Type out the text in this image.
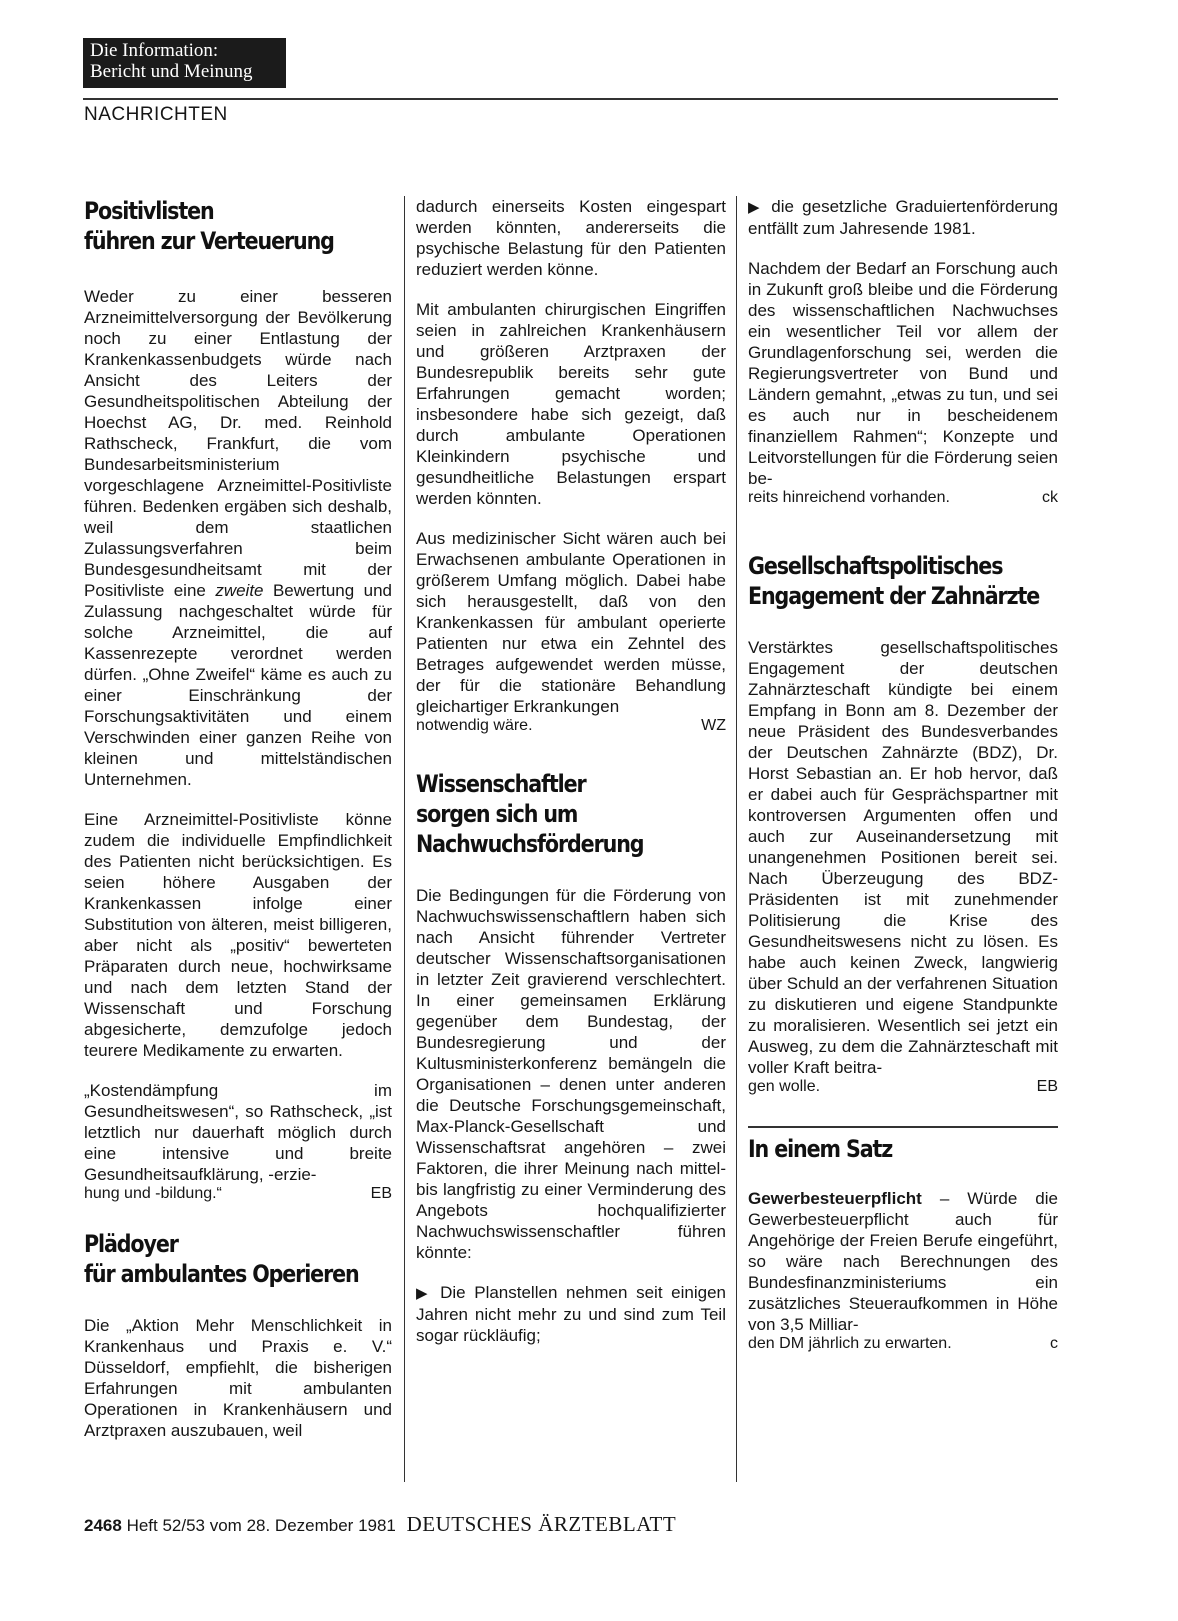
Die Information:
Bericht und Meinung
NACHRICHTEN
Positivlisten
führen zur Verteuerung

Weder zu einer besseren Arzneimittelversorgung der Bevölkerung noch zu einer Entlastung der Krankenkassenbudgets würde nach Ansicht des Leiters der Gesundheitspolitischen Abteilung der Hoechst AG, Dr. med. Reinhold Rathscheck, Frankfurt, die vom Bundesarbeitsministerium vorgeschlagene Arzneimittel-Positivliste führen. Bedenken ergäben sich deshalb, weil dem staatlichen Zulassungsverfahren beim Bundesgesundheitsamt mit der Positivliste eine zweite Bewertung und Zulassung nachgeschaltet würde für solche Arzneimittel, die auf Kassenrezepte verordnet werden dürfen. „Ohne Zweifel“ käme es auch zu einer Einschränkung der Forschungsaktivitäten und einem Verschwinden einer ganzen Reihe von kleinen und mittelständischen Unternehmen.

Eine Arzneimittel-Positivliste könne zudem die individuelle Empfindlichkeit des Patienten nicht berücksichtigen. Es seien höhere Ausgaben der Krankenkassen infolge einer Substitution von älteren, meist billigeren, aber nicht als „positiv“ bewerteten Präparaten durch neue, hochwirksame und nach dem letzten Stand der Wissenschaft und Forschung abgesicherte, demzufolge jedoch teurere Medikamente zu erwarten.

„Kostendämpfung im Gesundheitswesen“, so Rathscheck, „ist letztlich nur dauerhaft möglich durch eine intensive und breite Gesundheitsaufklärung, -erzie-

hung und -bildung.“	EB
Plädoyer
für ambulantes Operieren

Die „Aktion Mehr Menschlichkeit in Krankenhaus und Praxis e. V.“ Düsseldorf, empfiehlt, die bisherigen Erfahrungen mit ambulanten Operationen in Krankenhäusern und Arztpraxen auszubauen, weil

dadurch einerseits Kosten eingespart werden könnten, andererseits die psychische Belastung für den Patienten reduziert werden könne.

Mit ambulanten chirurgischen Eingriffen seien in zahlreichen Krankenhäusern und größeren Arztpraxen der Bundesrepublik bereits sehr gute Erfahrungen gemacht worden; insbesondere habe sich gezeigt, daß durch ambulante Operationen Kleinkindern psychische und gesundheitliche Belastungen erspart werden könnten.

Aus medizinischer Sicht wären auch bei Erwachsenen ambulante Operationen in größerem Umfang möglich. Dabei habe sich herausgestellt, daß von den Krankenkassen für ambulant operierte Patienten nur etwa ein Zehntel des Betrages aufgewendet werden müsse, der für die stationäre Behandlung gleichartiger Erkrankungen

notwendig wäre.	WZ
Wissenschaftler
sorgen sich um
Nachwuchsförderung

Die Bedingungen für die Förderung von Nachwuchswissenschaftlern haben sich nach Ansicht führender Vertreter deutscher Wissenschaftsorganisationen in letzter Zeit gravierend verschlechtert. In einer gemeinsamen Erklärung gegenüber dem Bundestag, der Bundesregierung und der Kultusministerkonferenz bemängeln die Organisationen – denen unter anderen die Deutsche Forschungsgemeinschaft, Max-Planck-Gesellschaft und Wissenschaftsrat angehören – zwei Faktoren, die ihrer Meinung nach mittel- bis langfristig zu einer Verminderung des Angebots hochqualifizierter Nachwuchswissenschaftler führen könnte:

▶ Die Planstellen nehmen seit einigen Jahren nicht mehr zu und sind zum Teil sogar rückläufig;

▶ die gesetzliche Graduiertenförderung entfällt zum Jahresende 1981.

Nachdem der Bedarf an Forschung auch in Zukunft groß bleibe und die Förderung des wissenschaftlichen Nachwuchses ein wesentlicher Teil vor allem der Grundlagenforschung sei, werden die Regierungsvertreter von Bund und Ländern gemahnt, „etwas zu tun, und sei es auch nur in bescheidenem finanziellem Rahmen“; Konzepte und Leitvorstellungen für die Förderung seien be-

reits hinreichend vorhanden.	ck
Gesellschaftspolitisches
Engagement der Zahnärzte

Verstärktes gesellschaftspolitisches Engagement der deutschen Zahnärzteschaft kündigte bei einem Empfang in Bonn am 8. Dezember der neue Präsident des Bundesverbandes der Deutschen Zahnärzte (BDZ), Dr. Horst Sebastian an. Er hob hervor, daß er dabei auch für Gesprächspartner mit kontroversen Argumenten offen und auch zur Auseinandersetzung mit unangenehmen Positionen bereit sei. Nach Überzeugung des BDZ-Präsidenten ist mit zunehmender Politisierung die Krise des Gesundheitswesens nicht zu lösen. Es habe auch keinen Zweck, langwierig über Schuld an der verfahrenen Situation zu diskutieren und eigene Standpunkte zu moralisieren. Wesentlich sei jetzt ein Ausweg, zu dem die Zahnärzteschaft mit voller Kraft beitra-

gen wolle.	EB
In einem Satz

Gewerbesteuerpflicht – Würde die Gewerbesteuerpflicht auch für Angehörige der Freien Berufe eingeführt, so wäre nach Berechnungen des Bundesfinanzministeriums ein zusätzliches Steueraufkommen in Höhe von 3,5 Milliar-

den DM jährlich zu erwarten.	c
2468 Heft 52/53 vom 28. Dezember 1981 DEUTSCHES ÄRZTEBLATT
